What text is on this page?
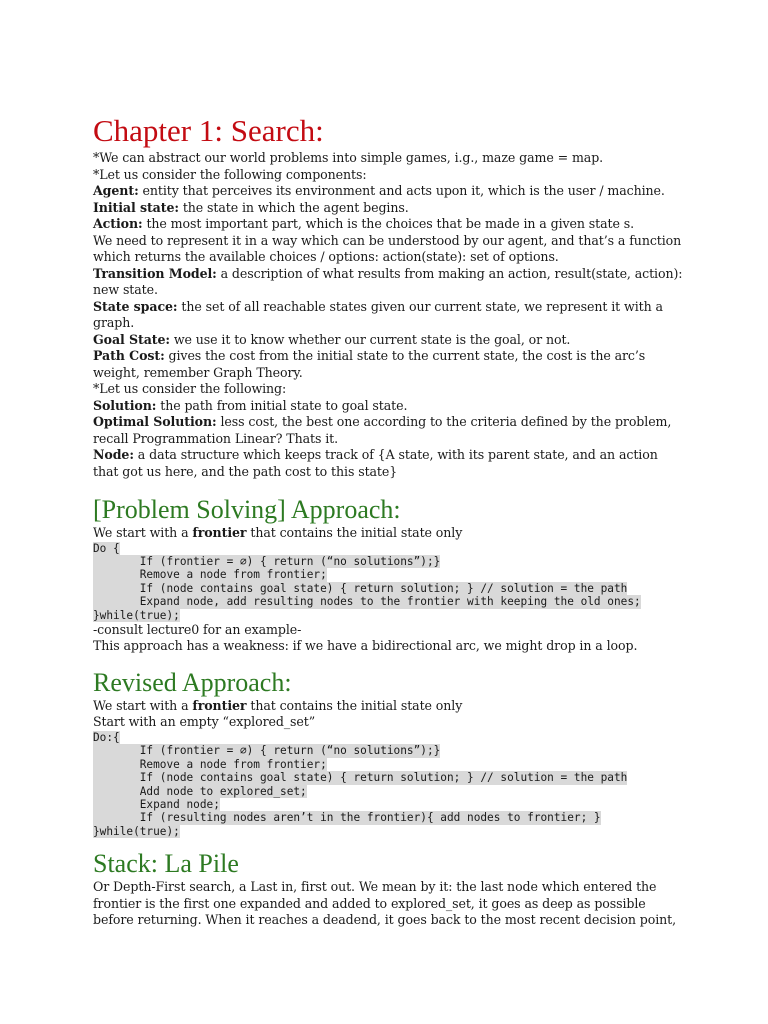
Chapter 1: Search:

*We can abstract our world problems into simple games, i.g., maze game = map.

*Let us consider the following components:

Agent: entity that perceives its environment and acts upon it, which is the user / machine.

Initial state: the state in which the agent begins.

Action: the most important part, which is the choices that be made in a given state s.

We need to represent it in a way which can be understood by our agent, and that’s a function which returns the available choices / options: action(state): set of options.

Transition Model: a description of what results from making an action, result(state, action): new state.

State space: the set of all reachable states given our current state, we represent it with a graph.

Goal State: we use it to know whether our current state is the goal, or not.

Path Cost: gives the cost from the initial state to the current state, the cost is the arc’s weight, remember Graph Theory.

*Let us consider the following:

Solution: the path from initial state to goal state.

Optimal Solution: less cost, the best one according to the criteria defined by the problem, recall Programmation Linear? Thats it.

Node: a data structure which keeps track of {A state, with its parent state, and an action that got us here, and the path cost to this state}

[Problem Solving] Approach:

We start with a frontier that contains the initial state only

Do {
If (frontier = ∅) { return (“no solutions”);}
Remove a node from frontier;
If (node contains goal state) { return solution; } // solution = the path
Expand node, add resulting nodes to the frontier with keeping the old ones;
}while(true);

-consult lecture0 for an example-

This approach has a weakness: if we have a bidirectional arc, we might drop in a loop.

Revised Approach:

We start with a frontier that contains the initial state only

Start with an empty “explored_set”

Do:{
If (frontier = ∅) { return (“no solutions”);}
Remove a node from frontier;
If (node contains goal state) { return solution; } // solution = the path
Add node to explored_set;
Expand node;
If (resulting nodes aren’t in the frontier){ add nodes to frontier; }
}while(true);
Stack: La Pile

Or Depth-First search, a Last in, first out. We mean by it: the last node which entered the frontier is the first one expanded and added to explored_set, it goes as deep as possible before returning. When it reaches a deadend, it goes back to the most recent decision point,
